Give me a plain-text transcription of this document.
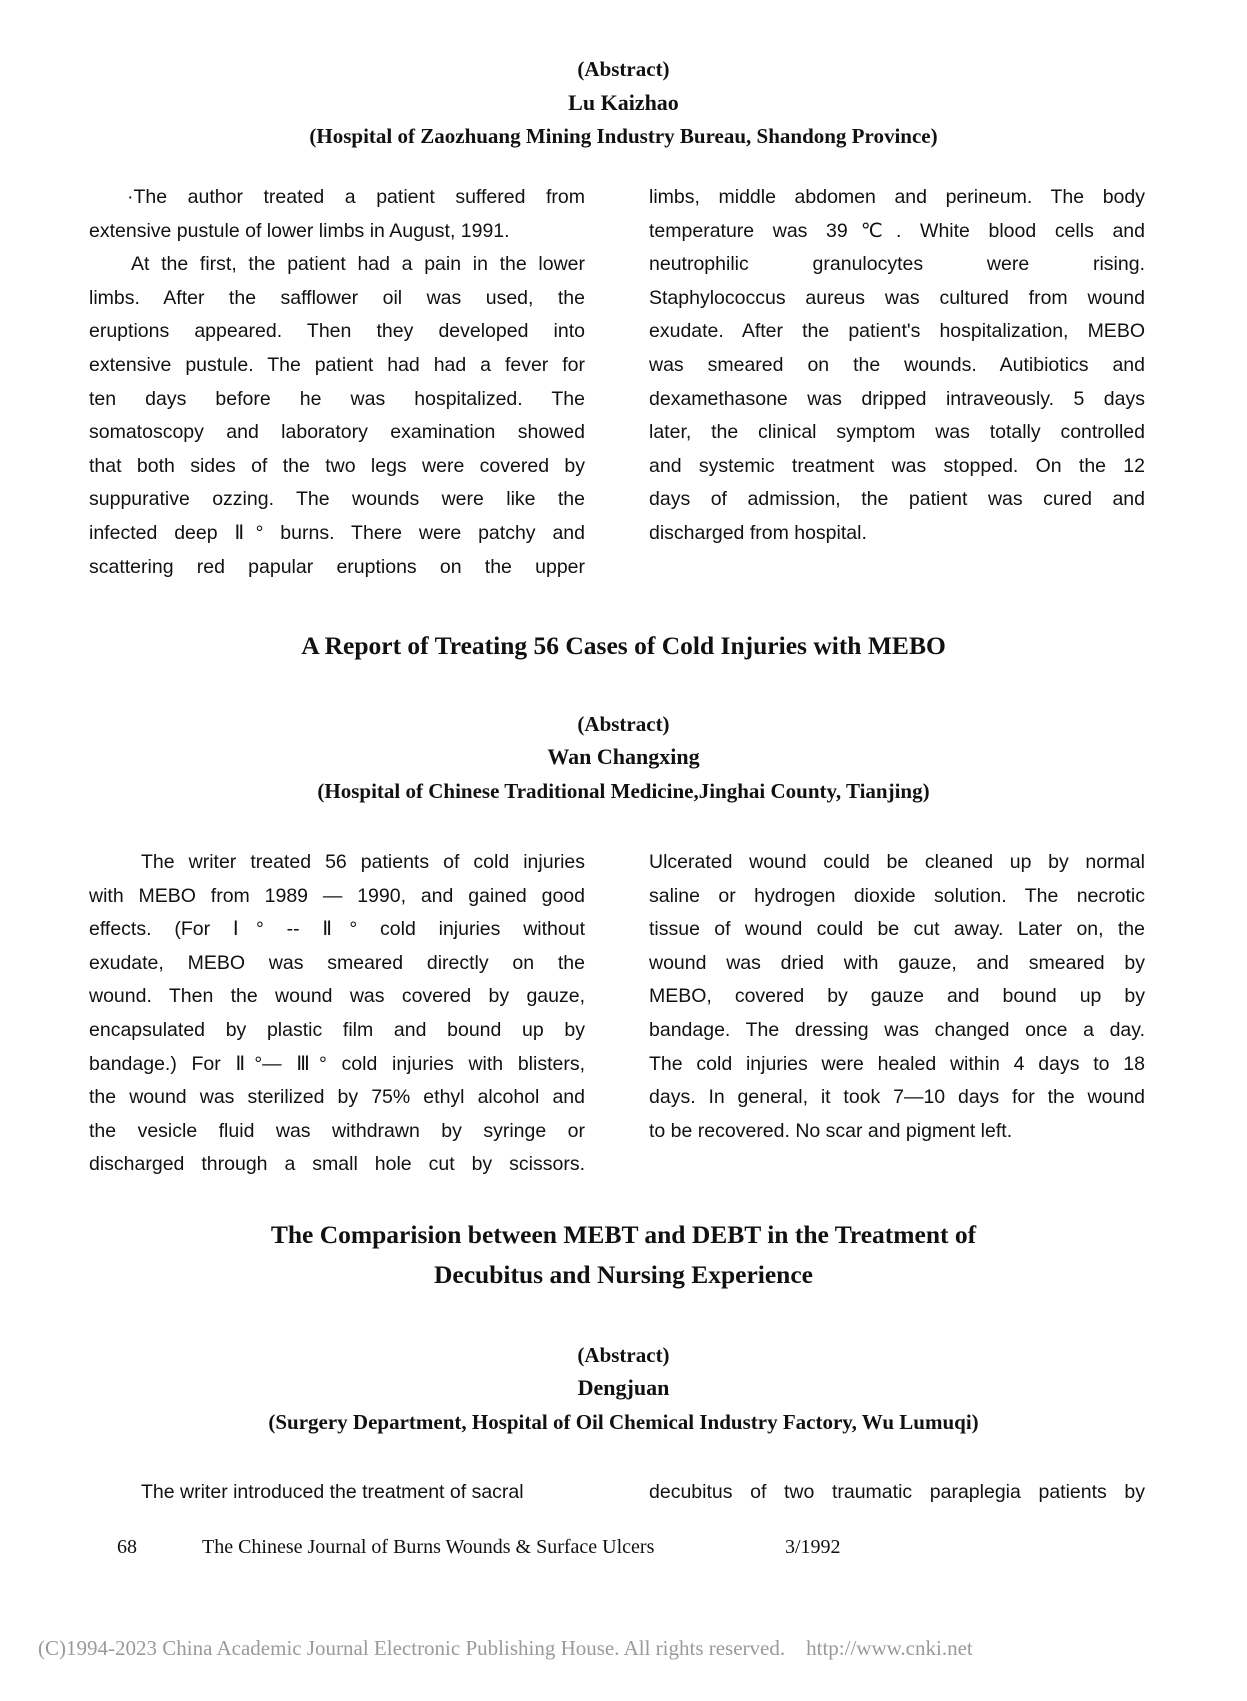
(Abstract)
Lu Kaizhao
(Hospital of Zaozhuang Mining Industry Bureau, Shandong Province)
·The author treated a patient suffered from
extensive pustule of lower limbs in August, 1991.
At the first, the patient had a pain in the lower
limbs. After the safflower oil was used, the
eruptions appeared. Then they developed into
extensive pustule. The patient had had a fever for
ten days before he was hospitalized. The
somatoscopy and laboratory examination showed
that both sides of the two legs were covered by
suppurative ozzing. The wounds were like the
infected deep Ⅱ° burns. There were patchy and
scattering red papular eruptions on the upper
limbs, middle abdomen and perineum. The body
temperature was 39℃. White blood cells and
neutrophilic granulocytes were rising.
Staphylococcus aureus was cultured from wound
exudate. After the patient's hospitalization, MEBO
was smeared on the wounds. Autibiotics and
dexamethasone was dripped intraveously. 5 days
later, the clinical symptom was totally controlled
and systemic treatment was stopped. On the 12
days of admission, the patient was cured and
discharged from hospital.
A Report of Treating 56 Cases of Cold Injuries with MEBO
(Abstract)
Wan Changxing
(Hospital of Chinese Traditional Medicine,Jinghai County, Tianjing)
The writer treated 56 patients of cold injuries
with MEBO from 1989 — 1990, and gained good
effects. (For Ⅰ° -- Ⅱ° cold injuries without
exudate, MEBO was smeared directly on the
wound. Then the wound was covered by gauze,
encapsulated by plastic film and bound up by
bandage.) For Ⅱ°— Ⅲ° cold injuries with blisters,
the wound was sterilized by 75% ethyl alcohol and
the vesicle fluid was withdrawn by syringe or
discharged through a small hole cut by scissors.
Ulcerated wound could be cleaned up by normal
saline or hydrogen dioxide solution. The necrotic
tissue of wound could be cut away. Later on, the
wound was dried with gauze, and smeared by
MEBO, covered by gauze and bound up by
bandage. The dressing was changed once a day.
The cold injuries were healed within 4 days to 18
days. In general, it took 7—10 days for the wound
to be recovered. No scar and pigment left.
The Comparision between MEBT and DEBT in the Treatment of
Decubitus and Nursing Experience
(Abstract)
Dengjuan
(Surgery Department, Hospital of Oil Chemical Industry Factory, Wu Lumuqi)
The writer introduced the treatment of sacral	decubitus of two traumatic paraplegia patients by
68	The Chinese Journal of Burns Wounds & Surface Ulcers	3/1992
(C)1994-2023 China Academic Journal Electronic Publishing House. All rights reserved.    http://www.cnki.net
